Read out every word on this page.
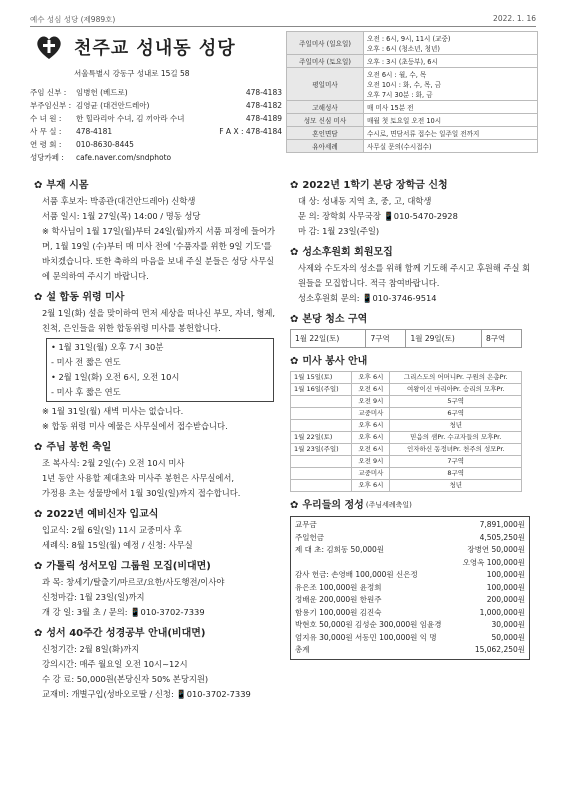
예수 성심 성당 (제989호)	2022. 1. 16
천주교 성내동 성당
서울특별시 강동구 성내로 15길 58
주임 신부 :	임병헌 (베드로)	478-4183
부주임신부 : 김영균 (대건안드레아)	478-4182
수 녀 원 :	한 힐라리아 수녀, 김 끼아라 수녀	478-4189
사 무 실 :	478-4181	F A X : 478-4184
연 령 회 :	010-8630-8445
성당카페 :	cafe.naver.com/sndphoto
주일미사 (일요일)	오전 : 6시, 9시, 11시 (교중)
오후 : 6시 (청소년, 청년)

주일미사 (토요일)	오후 : 3시 (초등부), 6시

평일미사	오전 6시 : 월, 수, 목
오전 10시 : 화, 수, 목, 금
오후 7시 30분 : 화, 금

고해성사	매 미사 15분 전

성모 신심 미사	매월 첫 토요일 오전 10시

혼인면담	수시로, 면담서류 접수는 일주일 전까지

유아세례	사무실 문의(수시접수)
✿ 부재 시몸

서품 후보자: 박종관(대건안드레아) 신학생

서품 일시: 1월 27일(목) 14:00 / 명동 성당

※ 학사님이 1월 17일(월)부터 24일(월)까지 서품 피정에 들어가며, 1월 19일 (수)부터 매 미사 전에 '수품자를 위한 9일 기도'를 바치겠습니다. 또한 축하의 마음을 보내 주실 분들은 성당 사무실에 문의하여 주시기 바랍니다.

✿ 설 합동 위령 미사

2월 1일(화) 설을 맞이하여 먼저 세상을 떠나신 부모, 자녀, 형제, 친척, 은인들을 위한 합동위령 미사를 봉헌합니다.

• 1월 31일(월) 오후 7시 30분

- 미사 전 짧은 연도

• 2월 1일(화) 오전 6시, 오전 10시

- 미사 후 짧은 연도

※ 1월 31일(월) 새벽 미사는 없습니다.

※ 합동 위령 미사 예물은 사무실에서 접수받습니다.

✿ 주님 봉헌 축일

조 복사식: 2월 2일(수) 오전 10시 미사

1년 동안 사용할 제대초와 미사주 봉헌은 사무실에서,

가정용 초는 성물방에서 1월 30일(일)까지 접수합니다.

✿ 2022년 예비신자 입교식

입교식: 2월 6일(일) 11시 교중미사 후

세례식: 8월 15일(월) 예정 / 신청: 사무실

✿ 가톨릭 성서모임 그룹원 모집(비대면)

과 목: 창세기/탈출기/마르코/요한/사도행전/이사야

신청마감: 1월 23일(일)까지

개 강 일: 3월 초 / 문의: 📱010-3702-7339

✿ 성서 40주간 성경공부 안내(비대면)

신청기간: 2월 8일(화)까지

강의시간: 매주 월요일 오전 10시~12시

수 강 료: 50,000원(본당신자 50% 본당지원)

교재비: 개별구입(성바오로딸 / 신청: 📱010-3702-7339

✿ 2022년 1학기 본당 장학금 신청

대 상: 성내동 지역 초, 중, 고, 대학생

문 의: 장학회 사무국장 📱010-5470-2928

마 감: 1월 23일(주일)

✿ 성소후원회 회원모집

사제와 수도자의 성소를 위해 함께 기도해 주시고 후원해 주실 회원들을 모집합니다. 적극 참여바랍니다.

성소후원회 문의: 📱010-3746-9514

✿ 본당 청소 구역
1월 22일(토)	7구역	1월 29일(토)	8구역
✿ 미사 봉사 안내
1월 15일(토)	오후 6시	그리스도의 어머니Pr. 구원의 은총Pr.
1월 16일(주일)	오전 6시	여왕이신 마리아Pr. 승리의 모후Pr.
	오전 9시	5구역
	교중미사	6구역
	오후 6시	청년
1월 22일(토)	오후 6시	믿음의 샘Pr. 수교자들의 모후Pr.
1월 23일(주일)	오전 6시	인자하신 동정녀Pr. 천주의 성모Pr.
	오전 9시	7구역
	교중미사	8구역
	오후 6시	청년
✿ 우리들의 정성 (주님세례축일)
교무금	7,891,000원
주일헌금	4,505,250원
제 대 초: 김희동 50,000원	장병연 50,000원
오영옥 100,000원
감사 헌금: 손영배 100,000원 신은정	100,000원
유은조 100,000원 윤정희	100,000원
정배운 200,000원 한원주	200,000원
함용기 100,000원 김진숙	1,000,000원
박현호 50,000원 김성순 300,000원 임윤경	30,000원
엄지유 30,000원 서동민 100,000원 익 명	50,000원
총계	15,062,250원
